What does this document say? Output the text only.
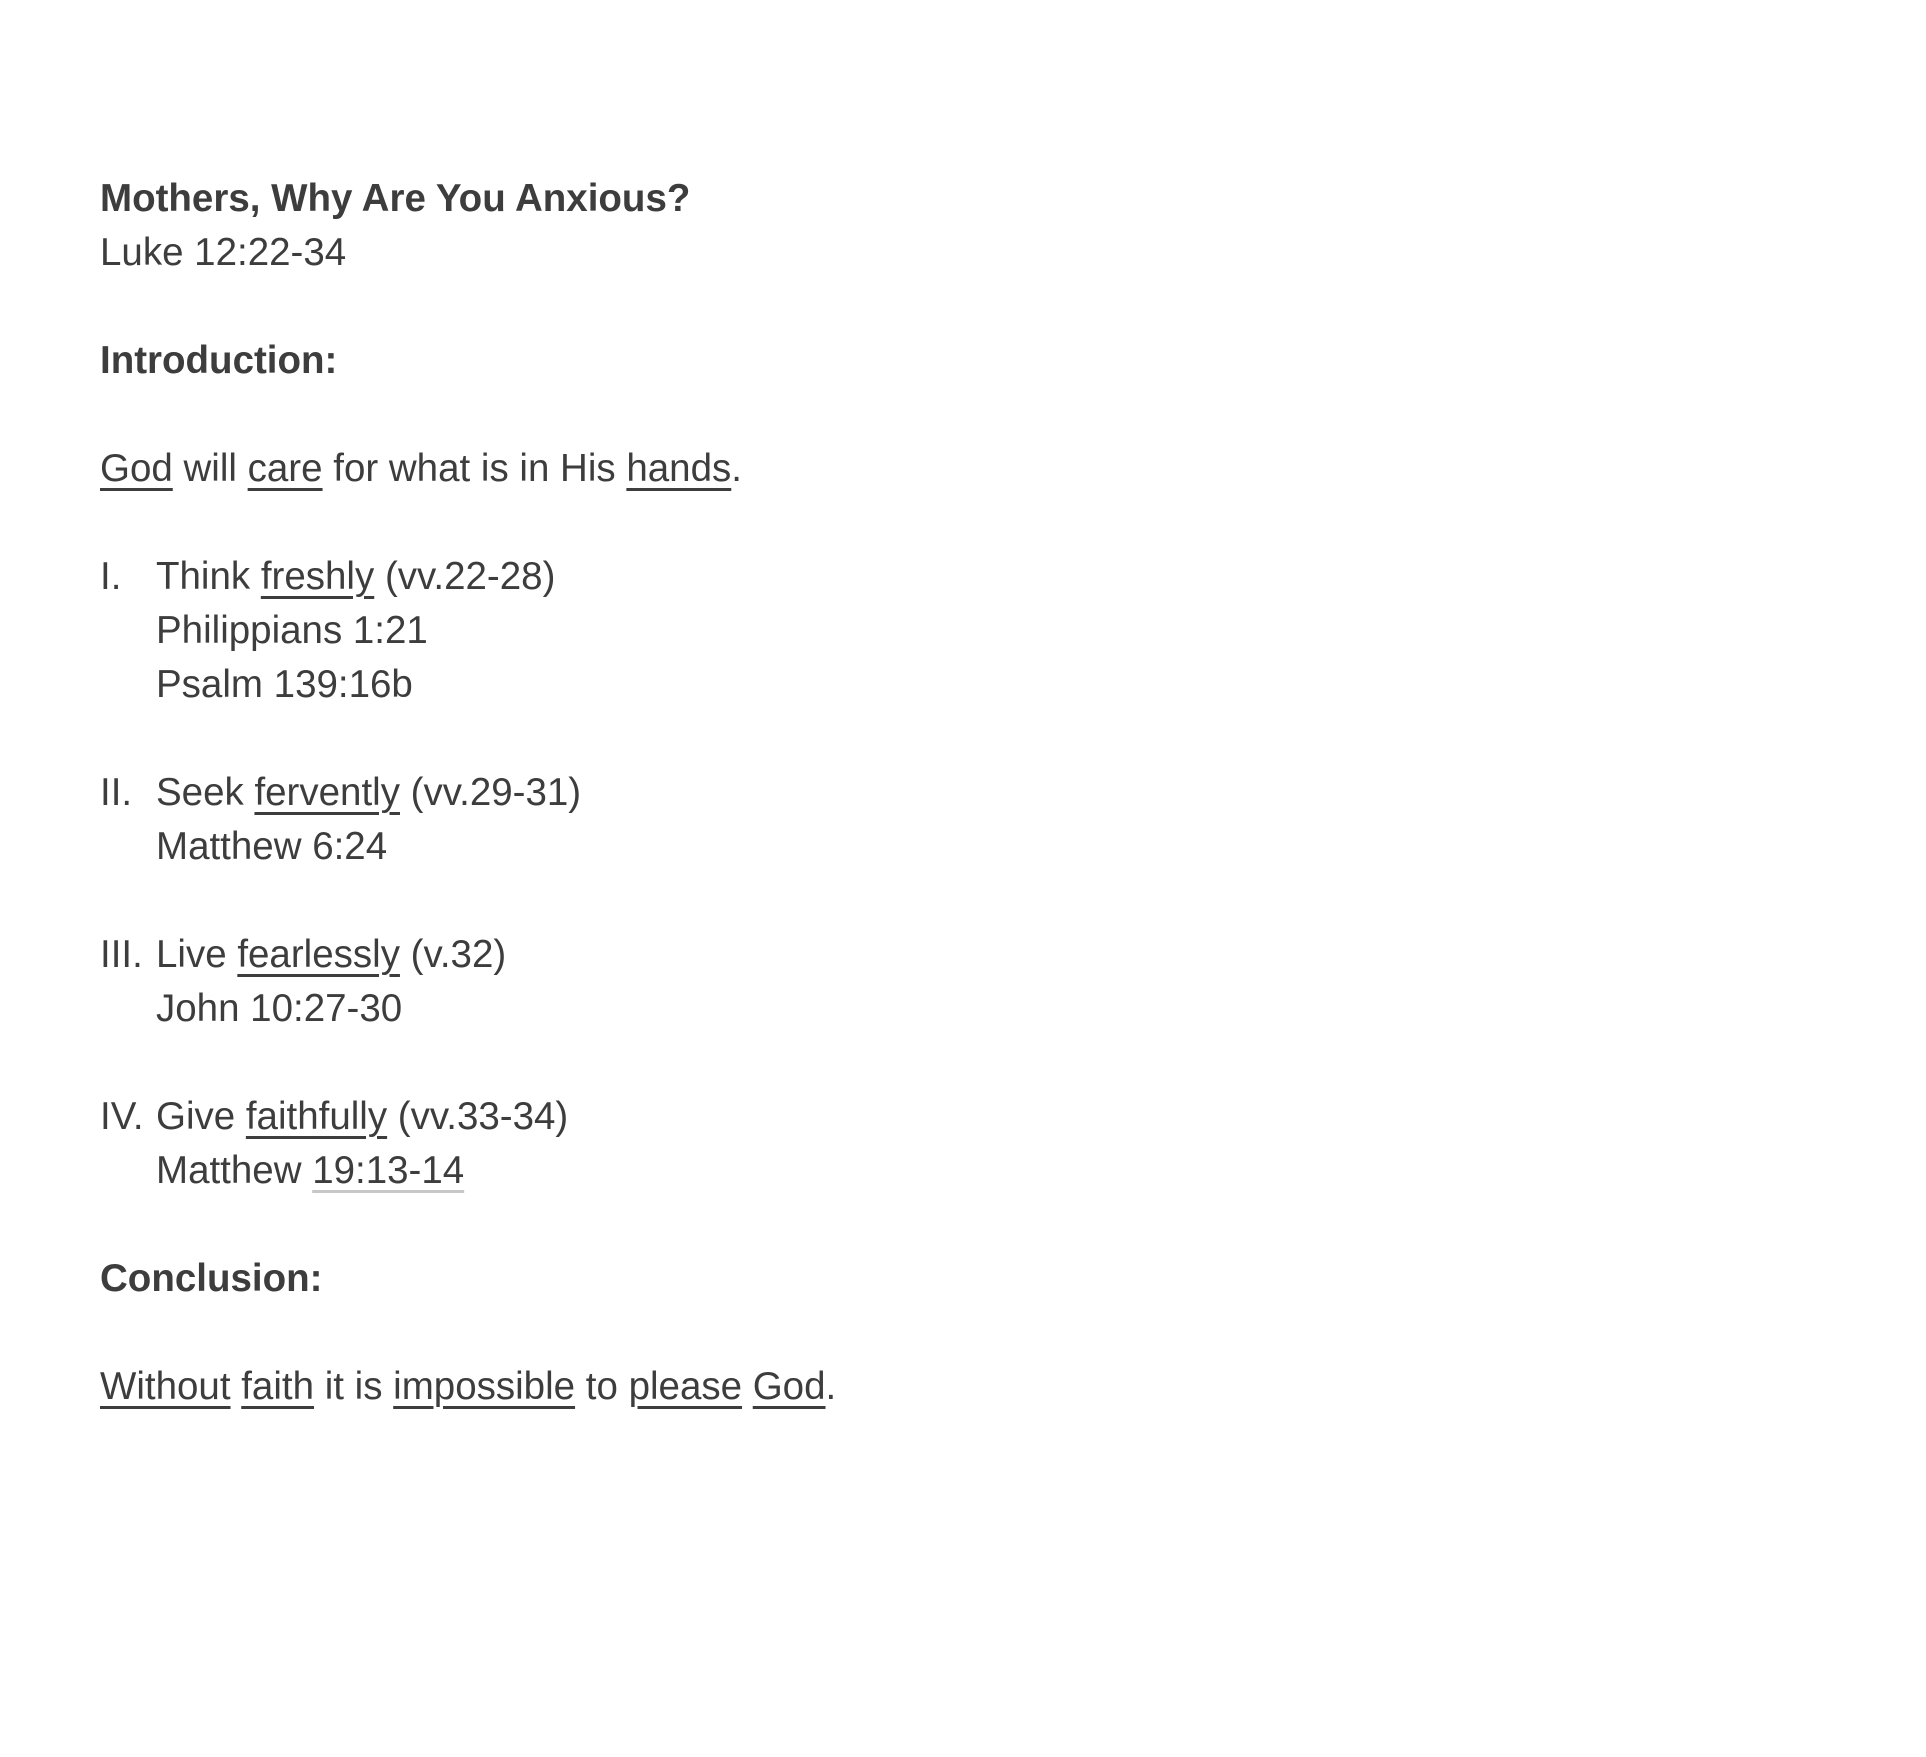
Mothers, Why Are You Anxious?
Luke 12:22-34
Introduction:
God will care for what is in His hands.
I. Think freshly (vv.22-28)
Philippians 1:21
Psalm 139:16b
II. Seek fervently (vv.29-31)
Matthew 6:24
III. Live fearlessly (v.32)
John 10:27-30
IV. Give faithfully (vv.33-34)
Matthew 19:13-14
Conclusion:
Without faith it is impossible to please God.
